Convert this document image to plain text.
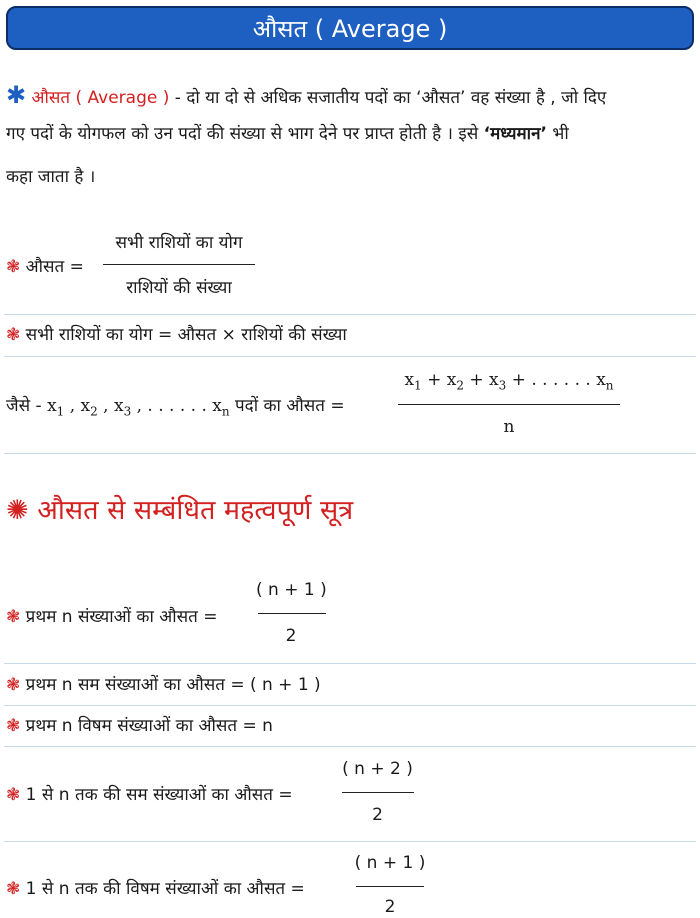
औसत ( Average )
✱ औसत ( Average ) - दो या दो से अधिक सजातीय पदों का ‘औसत’ वह संख्या है , जो दिए
गए पदों के योगफल को उन पदों की संख्या से भाग देने पर प्राप्त होती है । इसे ‘मध्यमान’ भी
कहा जाता है ।
❃ औसत =
सभी राशियों का योग
राशियों की संख्या
❃ सभी राशियों का योग = औसत × राशियों की संख्या
जैसे - $x_1$ , $x_2$ , $x_3$ , . . . . . . $x_n$ पदों का औसत =
$x_1 + x_2 + x_3$ + . . . . . . $x_n$
n
✺ औसत से सम्बंधित महत्वपूर्ण सूत्र
❃ प्रथम n संख्याओं का औसत =
( n + 1 )
2
❃ प्रथम n सम संख्याओं का औसत = ( n + 1 )
❃ प्रथम n विषम संख्याओं का औसत = n
❃ 1 से n तक की सम संख्याओं का औसत =
( n + 2 )
2
❃ 1 से n तक की विषम संख्याओं का औसत =
( n + 1 )
2
